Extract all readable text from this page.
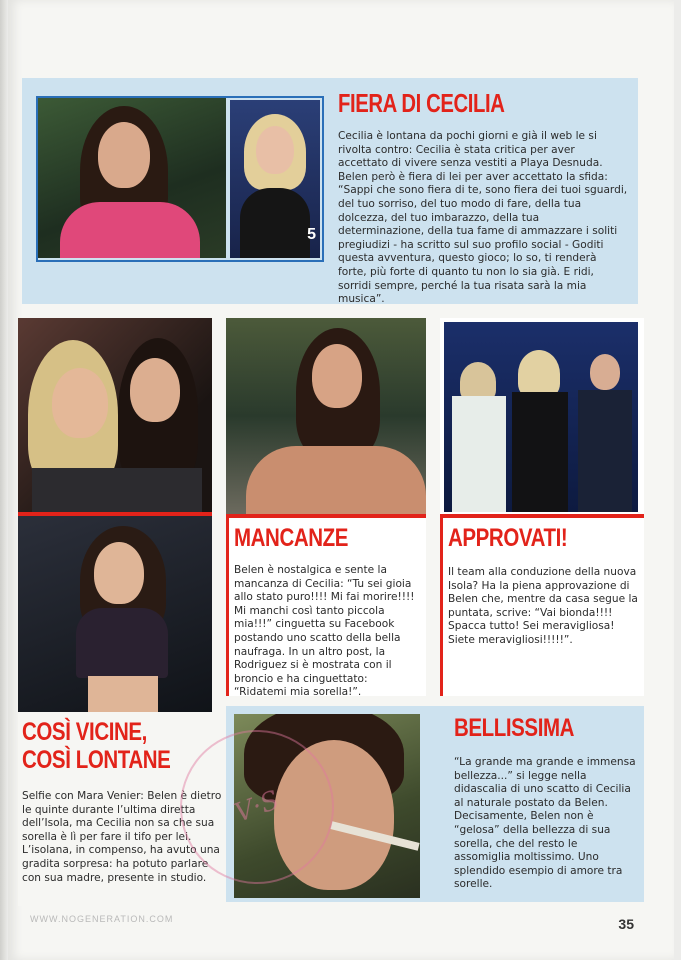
5
FIERA DI CECILIA

Cecilia è lontana da pochi giorni e già il web le si rivolta contro: Cecilia è stata critica per aver accettato di vivere senza vestiti a Playa Desnuda. Belen però è fiera di lei per aver accettato la sfida: “Sappi che sono fiera di te, sono fiera dei tuoi sguardi, del tuo sorriso, del tuo modo di fare, della tua dolcezza, del tuo imbarazzo, della tua determinazione, della tua fame di ammazzare i soliti pregiudizi - ha scritto sul suo profilo social - Goditi questa avventura, questo gioco; lo so, ti renderà forte, più forte di quanto tu non lo sia già. E ridi, sorridi sempre, perché la tua risata sarà la mia musica”.

MANCANZE

Belen è nostalgica e sente la mancanza di Cecilia: “Tu sei gioia allo stato puro!!!! Mi fai morire!!!! Mi manchi così tanto piccola mia!!!” cinguetta su Facebook postando uno scatto della bella naufraga. In un altro post, la Rodriguez si è mostrata con il broncio e ha cinguettato: “Ridatemi mia sorella!”.

APPROVATI!

Il team alla conduzione della nuova Isola? Ha la piena approvazione di Belen che, mentre da casa segue la puntata, scrive: “Vai bionda!!!! Spacca tutto! Sei meravigliosa! Siete meravigliosi!!!!!”.

COSÌ VICINE,
COSÌ LONTANE

Selfie con Mara Venier: Belen è dietro le quinte durante l’ultima diretta dell’Isola, ma Cecilia non sa che sua sorella è lì per fare il tifo per lei. L’isolana, in compenso, ha avuto una gradita sorpresa: ha potuto parlare con sua madre, presente in studio.

BELLISSIMA

“La grande ma grande e immensa bellezza...” si legge nella didascalia di uno scatto di Cecilia al naturale postato da Belen. Decisamente, Belen non è “gelosa” della bellezza di sua sorella, che del resto le assomiglia moltissimo. Uno splendido esempio di amore tra sorelle.

V·S
WWW.NOGENERATION.COM	35
